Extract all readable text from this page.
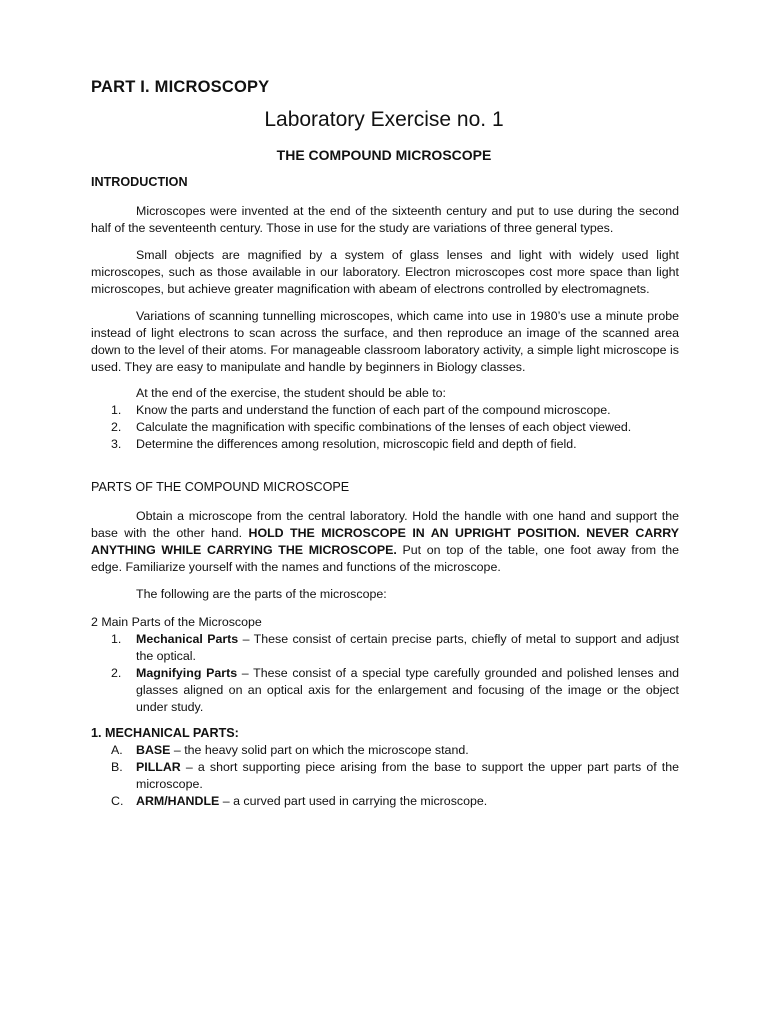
PART I. MICROSCOPY
Laboratory Exercise no. 1
THE COMPOUND MICROSCOPE
INTRODUCTION

Microscopes were invented at the end of the sixteenth century and put to use during the second half of the seventeenth century. Those in use for the study are variations of three general types.

Small objects are magnified by a system of glass lenses and light with widely used light microscopes, such as those available in our laboratory. Electron microscopes cost more space than light microscopes, but achieve greater magnification with abeam of electrons controlled by electromagnets.

Variations of scanning tunnelling microscopes, which came into use in 1980’s use a minute probe instead of light electrons to scan across the surface, and then reproduce an image of the scanned area down to the level of their atoms. For manageable classroom laboratory activity, a simple light microscope is used. They are easy to manipulate and handle by beginners in Biology classes.

At the end of the exercise, the student should be able to:

1. Know the parts and understand the function of each part of the compound microscope.
2. Calculate the magnification with specific combinations of the lenses of each object viewed.
3. Determine the differences among resolution, microscopic field and depth of field.
PARTS OF THE COMPOUND MICROSCOPE

Obtain a microscope from the central laboratory. Hold the handle with one hand and support the base with the other hand. HOLD THE MICROSCOPE IN AN UPRIGHT POSITION. NEVER CARRY ANYTHING WHILE CARRYING THE MICROSCOPE. Put on top of the table, one foot away from the edge. Familiarize yourself with the names and functions of the microscope.

The following are the parts of the microscope:

2 Main Parts of the Microscope

1. Mechanical Parts – These consist of certain precise parts, chiefly of metal to support and adjust the optical.
2. Magnifying Parts – These consist of a special type carefully grounded and polished lenses and glasses aligned on an optical axis for the enlargement and focusing of the image or the object under study.
1. MECHANICAL PARTS:
A. BASE – the heavy solid part on which the microscope stand.
B. PILLAR – a short supporting piece arising from the base to support the upper part parts of the microscope.
C. ARM/HANDLE – a curved part used in carrying the microscope.
